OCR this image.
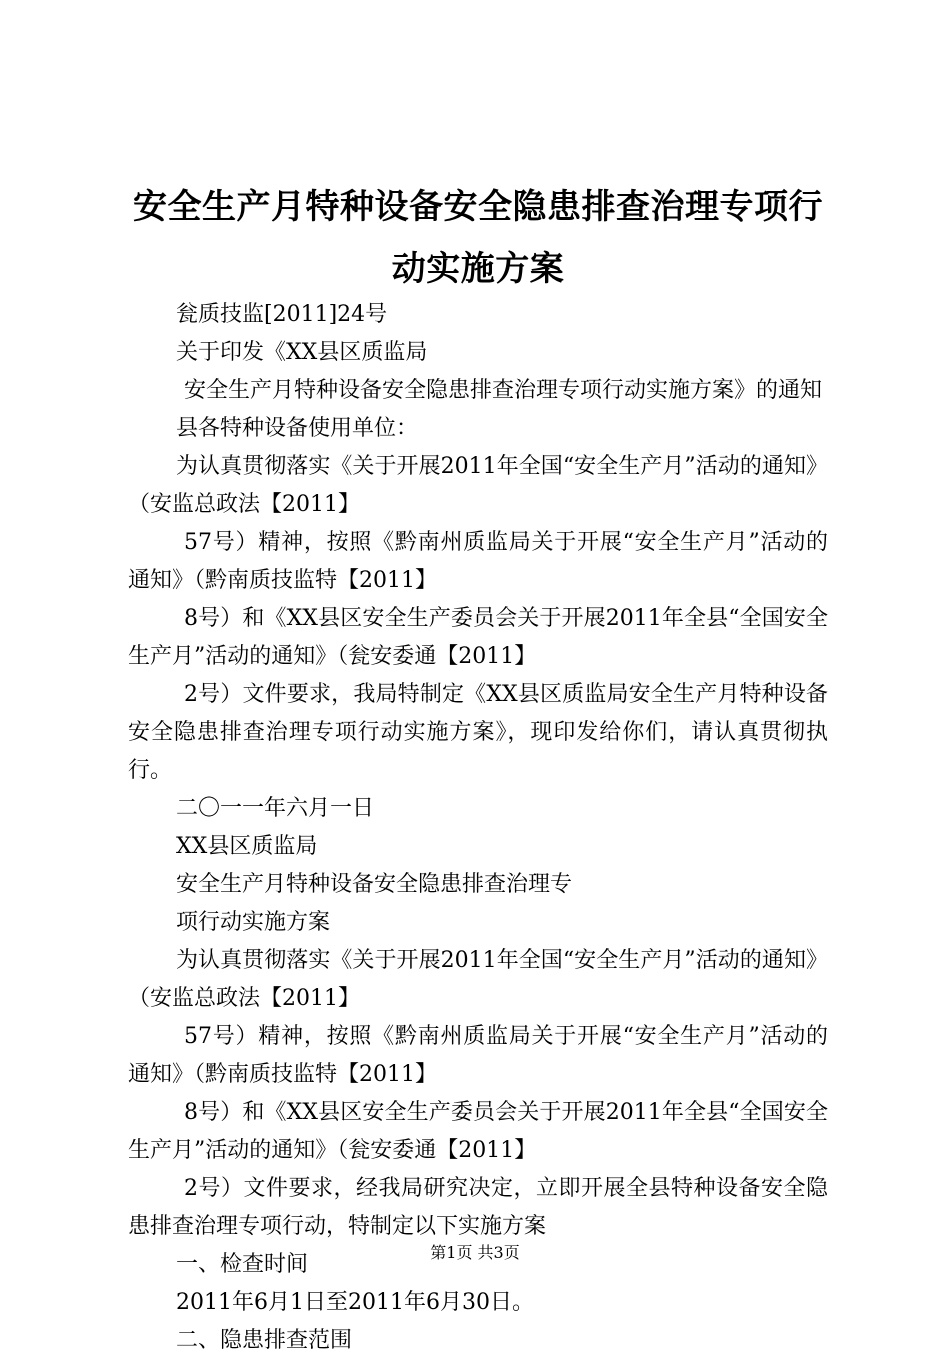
安全生产月特种设备安全隐患排查治理专项行动实施方案

瓮质技监[2011]24号

关于印发《XX县区质监局

安全生产月特种设备安全隐患排查治理专项行动实施方案》的通知

县各特种设备使用单位：

为认真贯彻落实《关于开展2011年全国“安全生产月”活动的通知》（安监总政法【2011】

57号）精神，按照《黔南州质监局关于开展“安全生产月”活动的通知》（黔南质技监特【2011】

8号）和《XX县区安全生产委员会关于开展2011年全县“全国安全生产月”活动的通知》（瓮安委通【2011】

2号）文件要求，我局特制定《XX县区质监局安全生产月特种设备安全隐患排查治理专项行动实施方案》，现印发给你们，请认真贯彻执行。

二〇一一年六月一日

XX县区质监局

安全生产月特种设备安全隐患排查治理专

项行动实施方案

为认真贯彻落实《关于开展2011年全国“安全生产月”活动的通知》（安监总政法【2011】

57号）精神，按照《黔南州质监局关于开展“安全生产月”活动的通知》（黔南质技监特【2011】

8号）和《XX县区安全生产委员会关于开展2011年全县“全国安全生产月”活动的通知》（瓮安委通【2011】

2号）文件要求，经我局研究决定，立即开展全县特种设备安全隐患排查治理专项行动，特制定以下实施方案

一、检查时间

2011年6月1日至2011年6月30日。

二、隐患排查范围

第1页 共3页
